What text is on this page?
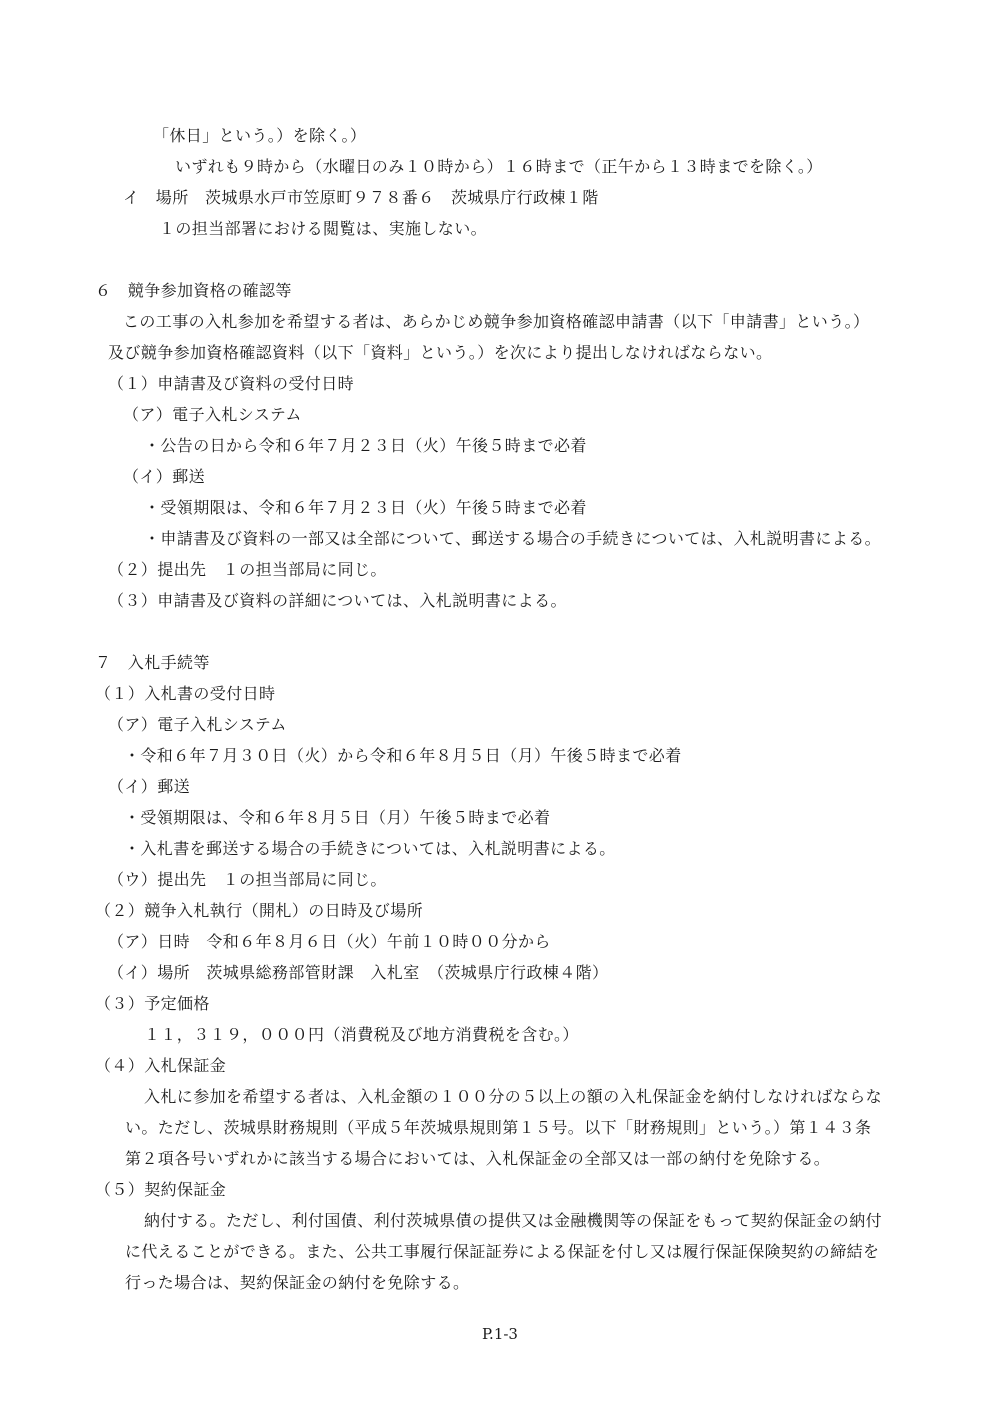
「休日」という。）を除く。）
いずれも９時から（水曜日のみ１０時から）１６時まで（正午から１３時までを除く。）
イ　場所　茨城県水戸市笠原町９７８番６　茨城県庁行政棟１階
１の担当部署における閲覧は、実施しない。
６　競争参加資格の確認等
この工事の入札参加を希望する者は、あらかじめ競争参加資格確認申請書（以下「申請書」という。）
及び競争参加資格確認資料（以下「資料」という。）を次により提出しなければならない。
（１）申請書及び資料の受付日時
（ア）電子入札システム
・公告の日から令和６年７月２３日（火）午後５時まで必着
（イ）郵送
・受領期限は、令和６年７月２３日（火）午後５時まで必着
・申請書及び資料の一部又は全部について、郵送する場合の手続きについては、入札説明書による。
（２）提出先　１の担当部局に同じ。
（３）申請書及び資料の詳細については、入札説明書による。
７　入札手続等
（１）入札書の受付日時
（ア）電子入札システム
・令和６年７月３０日（火）から令和６年８月５日（月）午後５時まで必着
（イ）郵送
・受領期限は、令和６年８月５日（月）午後５時まで必着
・入札書を郵送する場合の手続きについては、入札説明書による。
（ウ）提出先　１の担当部局に同じ。
（２）競争入札執行（開札）の日時及び場所
（ア）日時　令和６年８月６日（火）午前１０時００分から
（イ）場所　茨城県総務部管財課　入札室　（茨城県庁行政棟４階）
（３）予定価格
１１，３１９，０００円（消費税及び地方消費税を含む。）
（４）入札保証金
入札に参加を希望する者は、入札金額の１００分の５以上の額の入札保証金を納付しなければならな
い。ただし、茨城県財務規則（平成５年茨城県規則第１５号。以下「財務規則」という。）第１４３条
第２項各号いずれかに該当する場合においては、入札保証金の全部又は一部の納付を免除する。
（５）契約保証金
納付する。ただし、利付国債、利付茨城県債の提供又は金融機関等の保証をもって契約保証金の納付
に代えることができる。また、公共工事履行保証証券による保証を付し又は履行保証保険契約の締結を
行った場合は、契約保証金の納付を免除する。
P.1-3
